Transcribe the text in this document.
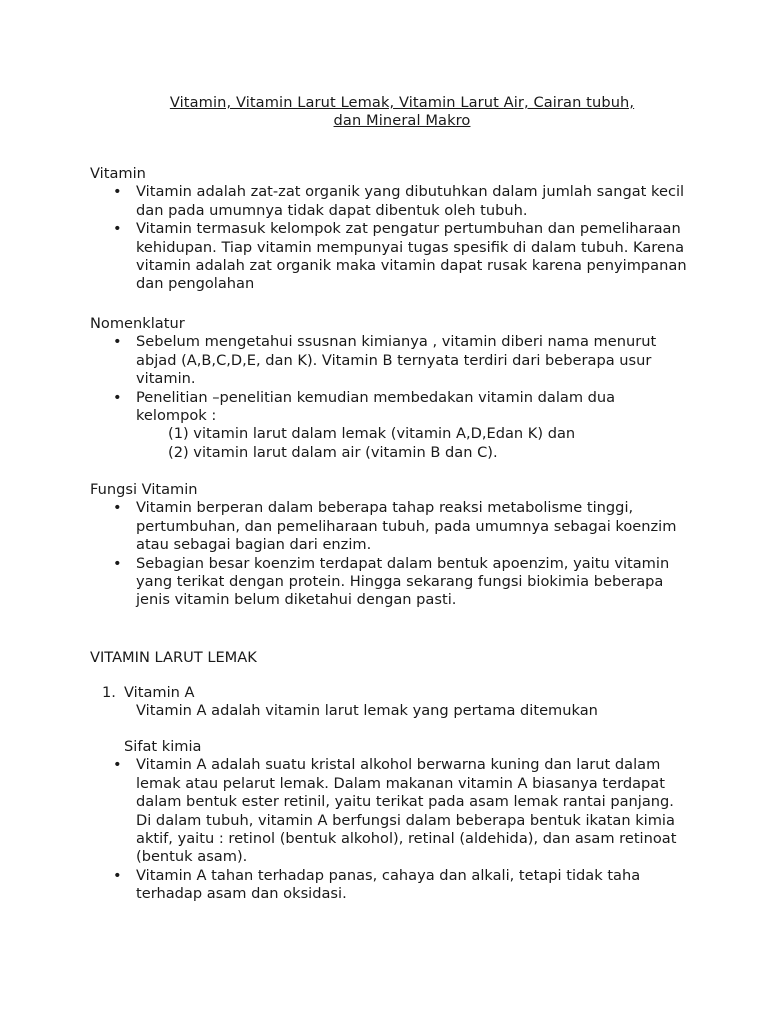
Vitamin, Vitamin Larut Lemak, Vitamin Larut Air, Cairan tubuh,
dan Mineral Makro
Vitamin
• Vitamin adalah zat-zat organik yang dibutuhkan dalam jumlah sangat kecil dan pada umumnya tidak dapat dibentuk oleh tubuh.
• Vitamin termasuk kelompok zat pengatur pertumbuhan dan pemeliharaan kehidupan. Tiap vitamin mempunyai tugas spesifik di dalam tubuh. Karena vitamin adalah zat organik maka vitamin dapat rusak karena penyimpanan dan pengolahan
Nomenklatur
• Sebelum mengetahui ssusnan kimianya , vitamin diberi nama menurut abjad (A,B,C,D,E, dan K). Vitamin B ternyata terdiri dari beberapa usur vitamin.
• Penelitian –penelitian kemudian membedakan vitamin dalam dua kelompok :
(1) vitamin larut dalam lemak (vitamin A,D,Edan K) dan
(2) vitamin larut dalam air (vitamin B dan C).
Fungsi Vitamin
• Vitamin berperan dalam beberapa tahap reaksi metabolisme tinggi, pertumbuhan, dan pemeliharaan tubuh, pada umumnya sebagai koenzim atau sebagai bagian dari enzim.
• Sebagian besar koenzim terdapat dalam bentuk apoenzim, yaitu vitamin yang terikat dengan protein. Hingga sekarang fungsi biokimia beberapa jenis vitamin belum diketahui dengan pasti.
VITAMIN LARUT LEMAK
1. Vitamin A
Vitamin A adalah vitamin larut lemak yang pertama ditemukan
Sifat kimia
• Vitamin A adalah suatu kristal alkohol berwarna kuning dan larut dalam lemak atau pelarut lemak. Dalam makanan vitamin A biasanya terdapat dalam bentuk ester retinil, yaitu terikat pada asam lemak rantai panjang. Di dalam tubuh, vitamin A berfungsi dalam beberapa bentuk ikatan kimia aktif, yaitu : retinol (bentuk alkohol), retinal (aldehida), dan asam retinoat (bentuk asam).
• Vitamin A tahan terhadap panas, cahaya dan alkali, tetapi tidak taha terhadap asam dan oksidasi.
